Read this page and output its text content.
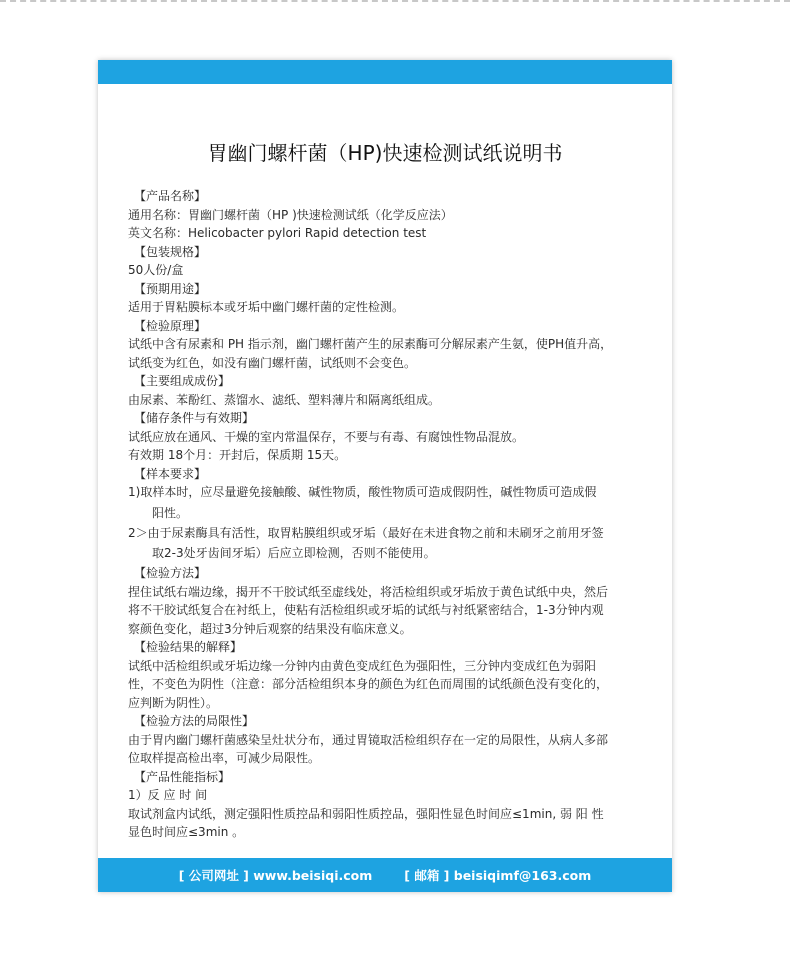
胃幽门螺杆菌（HP)快速检测试纸说明书
【产品名称】
通用名称：胃幽门螺杆菌（HP )快速检测试纸（化学反应法）
英文名称：Helicobacter pylori Rapid detection test
【包装规格】
50人份/盒
【预期用途】
适用于胃粘膜标本或牙垢中幽门螺杆菌的定性检测。
【检验原理】
试纸中含有尿素和 PH 指示剂，幽门螺杆菌产生的尿素酶可分解尿素产生氨，使PH值升高，
试纸变为红色，如没有幽门螺杆菌，试纸则不会变色。
【主要组成成份】
由尿素、苯酚红、蒸馏水、滤纸、塑料薄片和隔离纸组成。
【储存条件与有效期】
试纸应放在通风、干燥的室内常温保存，不要与有毒、有腐蚀性物品混放。
有效期 18个月：开封后，保质期 15天。
【样本要求】
1)取样本时，应尽量避免接触酸、碱性物质，酸性物质可造成假阴性，碱性物质可造成假
阳性。
2＞由于尿素酶具有活性，取胃粘膜组织或牙垢（最好在未进食物之前和未刷牙之前用牙签
取2-3处牙齿间牙垢）后应立即检测，否则不能使用。
【检验方法】
捏住试纸右端边缘，揭开不干胶试纸至虚线处，将活检组织或牙垢放于黄色试纸中央，然后
将不干胶试纸复合在衬纸上，使粘有活检组织或牙垢的试纸与衬纸紧密结合，1-3分钟内观
察颜色变化，超过3分钟后观察的结果没有临床意义。
【检验结果的解释】
试纸中活检组织或牙垢边缘一分钟内由黄色变成红色为强阳性，三分钟内变成红色为弱阳
性，不变色为阴性（注意：部分活检组织本身的颜色为红色而周围的试纸颜色没有变化的，
应判断为阴性）。
【检验方法的局限性】
由于胃内幽门螺杆菌感染呈灶状分布，通过胃镜取活检组织存在一定的局限性，从病人多部
位取样提高检出率，可减少局限性。
【产品性能指标】
1）反 应 时 间
取试剂盒内试纸，测定强阳性质控品和弱阳性质控品，强阳性显色时间应≤1min, 弱 阳 性
显色时间应≤3min 。
[ 公司网址 ] www.beisiqi.com	[ 邮箱 ] beisiqimf@163.com
